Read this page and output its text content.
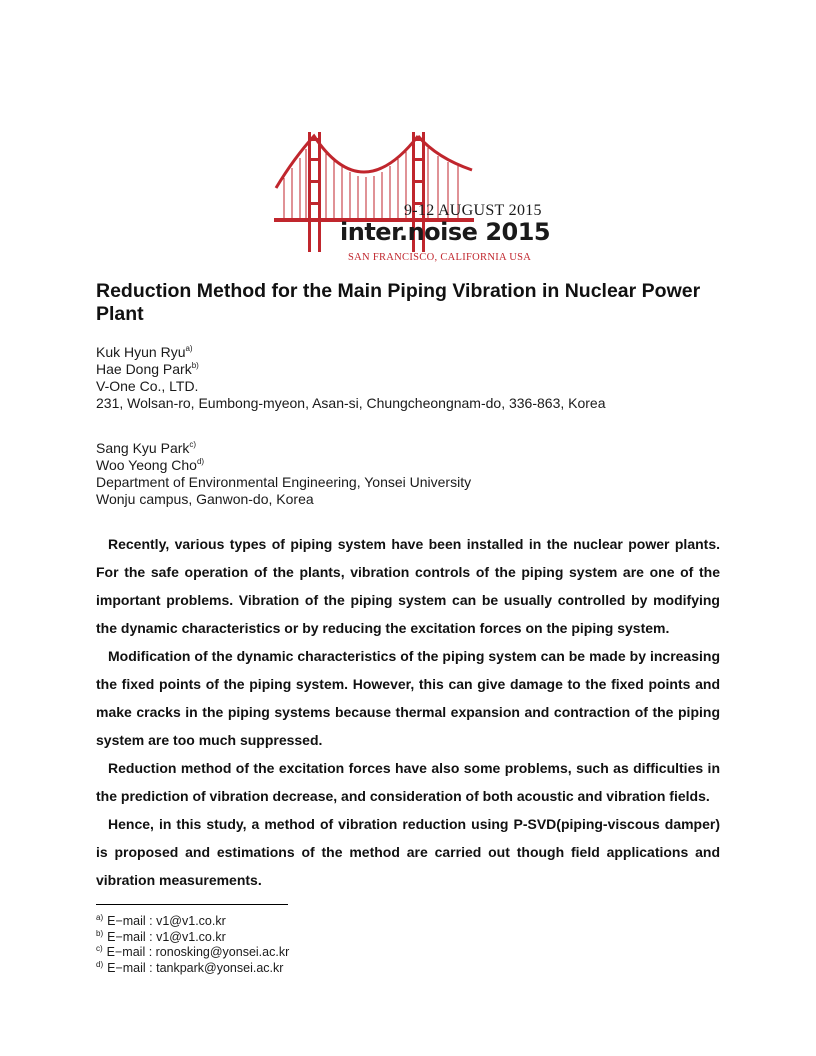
9-12 AUGUST 2015
inter.noise 2015
SAN FRANCISCO, CALIFORNIA USA
Reduction Method for the Main Piping Vibration in Nuclear Power Plant
Kuk Hyun Ryu$^{a)}$
Hae Dong Park$^{b)}$
V-One Co., LTD.
231, Wolsan-ro, Eumbong-myeon, Asan-si, Chungcheongnam-do, 336-863, Korea
Sang Kyu Park$^{c)}$
Woo Yeong Cho$^{d)}$
Department of Environmental Engineering, Yonsei University
Wonju campus, Ganwon-do, Korea

Recently, various types of piping system have been installed in the nuclear power plants. For the safe operation of the plants, vibration controls of the piping system are one of the important problems. Vibration of the piping system can be usually controlled by modifying the dynamic characteristics or by reducing the excitation forces on the piping system.

Modification of the dynamic characteristics of the piping system can be made by increasing the fixed points of the piping system. However, this can give damage to the fixed points and make cracks in the piping systems because thermal expansion and contraction of the piping system are too much suppressed.

Reduction method of the excitation forces have also some problems, such as difficulties in the prediction of vibration decrease, and consideration of both acoustic and vibration fields.

Hence, in this study, a method of vibration reduction using P-SVD(piping-viscous damper) is proposed and estimations of the method are carried out though field applications and vibration measurements.

$^{a)}$ E−mail : v1@v1.co.kr
$^{b)}$ E−mail : v1@v1.co.kr
$^{c)}$ E−mail : ronosking@yonsei.ac.kr
$^{d)}$ E−mail : tankpark@yonsei.ac.kr
